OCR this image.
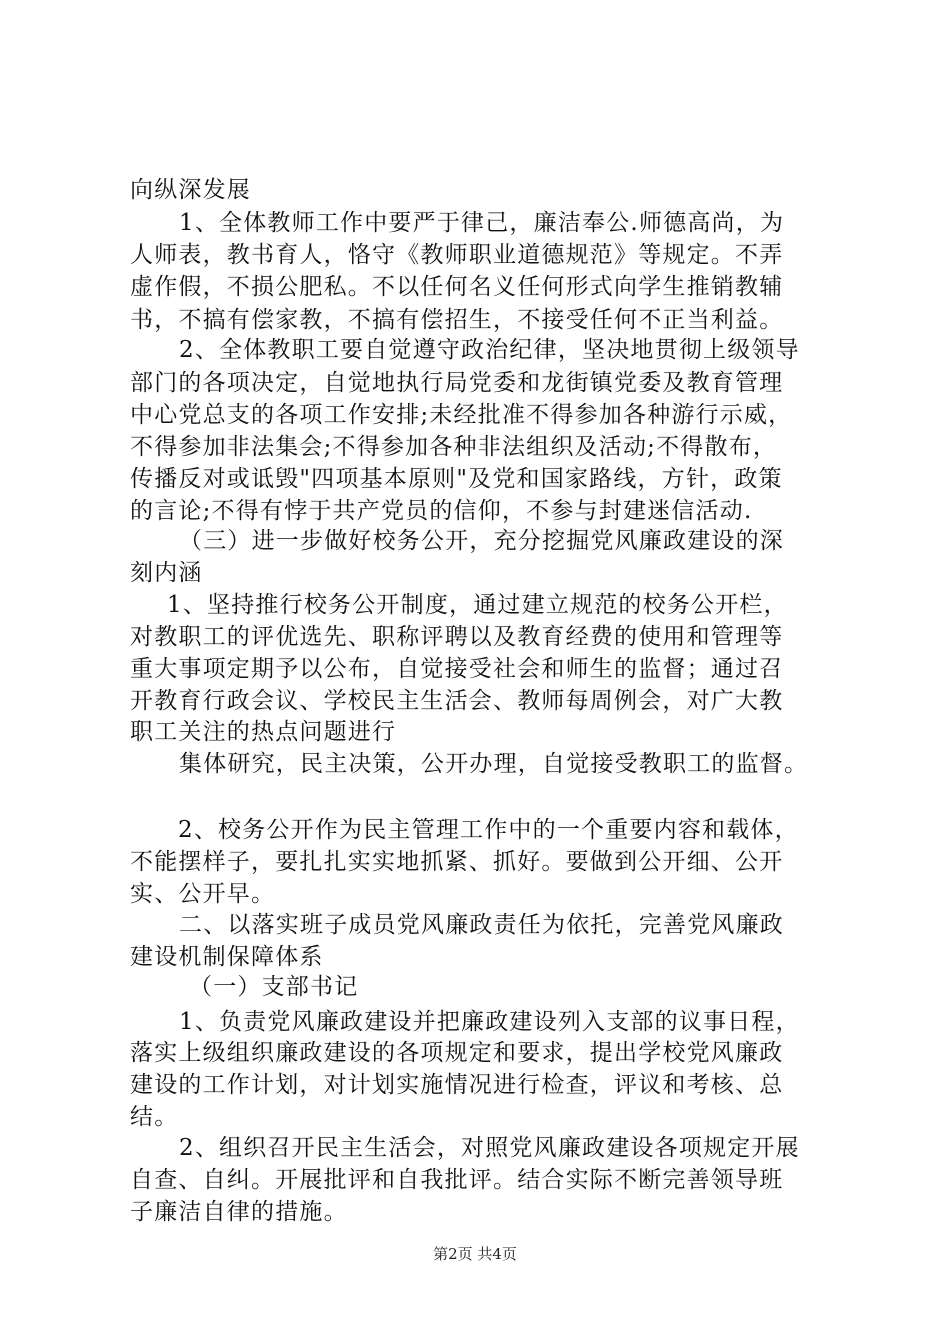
向纵深发展
1、全体教师工作中要严于律己，廉洁奉公.师德高尚，为
人师表，教书育人，恪守《教师职业道德规范》等规定。不弄
虚作假，不损公肥私。不以任何名义任何形式向学生推销教辅
书，不搞有偿家教，不搞有偿招生，不接受任何不正当利益。
2、全体教职工要自觉遵守政治纪律，坚决地贯彻上级领导
部门的各项决定，自觉地执行局党委和龙街镇党委及教育管理
中心党总支的各项工作安排;未经批准不得参加各种游行示威，
不得参加非法集会;不得参加各种非法组织及活动;不得散布，
传播反对或诋毁"四项基本原则"及党和国家路线，方针，政策
的言论;不得有悖于共产党员的信仰，不参与封建迷信活动.
（三）进一步做好校务公开，充分挖掘党风廉政建设的深
刻内涵
1、坚持推行校务公开制度，通过建立规范的校务公开栏，
对教职工的评优选先、职称评聘以及教育经费的使用和管理等
重大事项定期予以公布，自觉接受社会和师生的监督；通过召
开教育行政会议、学校民主生活会、教师每周例会，对广大教
职工关注的热点问题进行
集体研究，民主决策，公开办理，自觉接受教职工的监督。
2、校务公开作为民主管理工作中的一个重要内容和载体，
不能摆样子，要扎扎实实地抓紧、抓好。要做到公开细、公开
实、公开早。
二、以落实班子成员党风廉政责任为依托，完善党风廉政
建设机制保障体系
（一）支部书记
1、负责党风廉政建设并把廉政建设列入支部的议事日程，
落实上级组织廉政建设的各项规定和要求，提出学校党风廉政
建设的工作计划，对计划实施情况进行检查，评议和考核、总
结。
2、组织召开民主生活会，对照党风廉政建设各项规定开展
自查、自纠。开展批评和自我批评。结合实际不断完善领导班
子廉洁自律的措施。
第2页 共4页
